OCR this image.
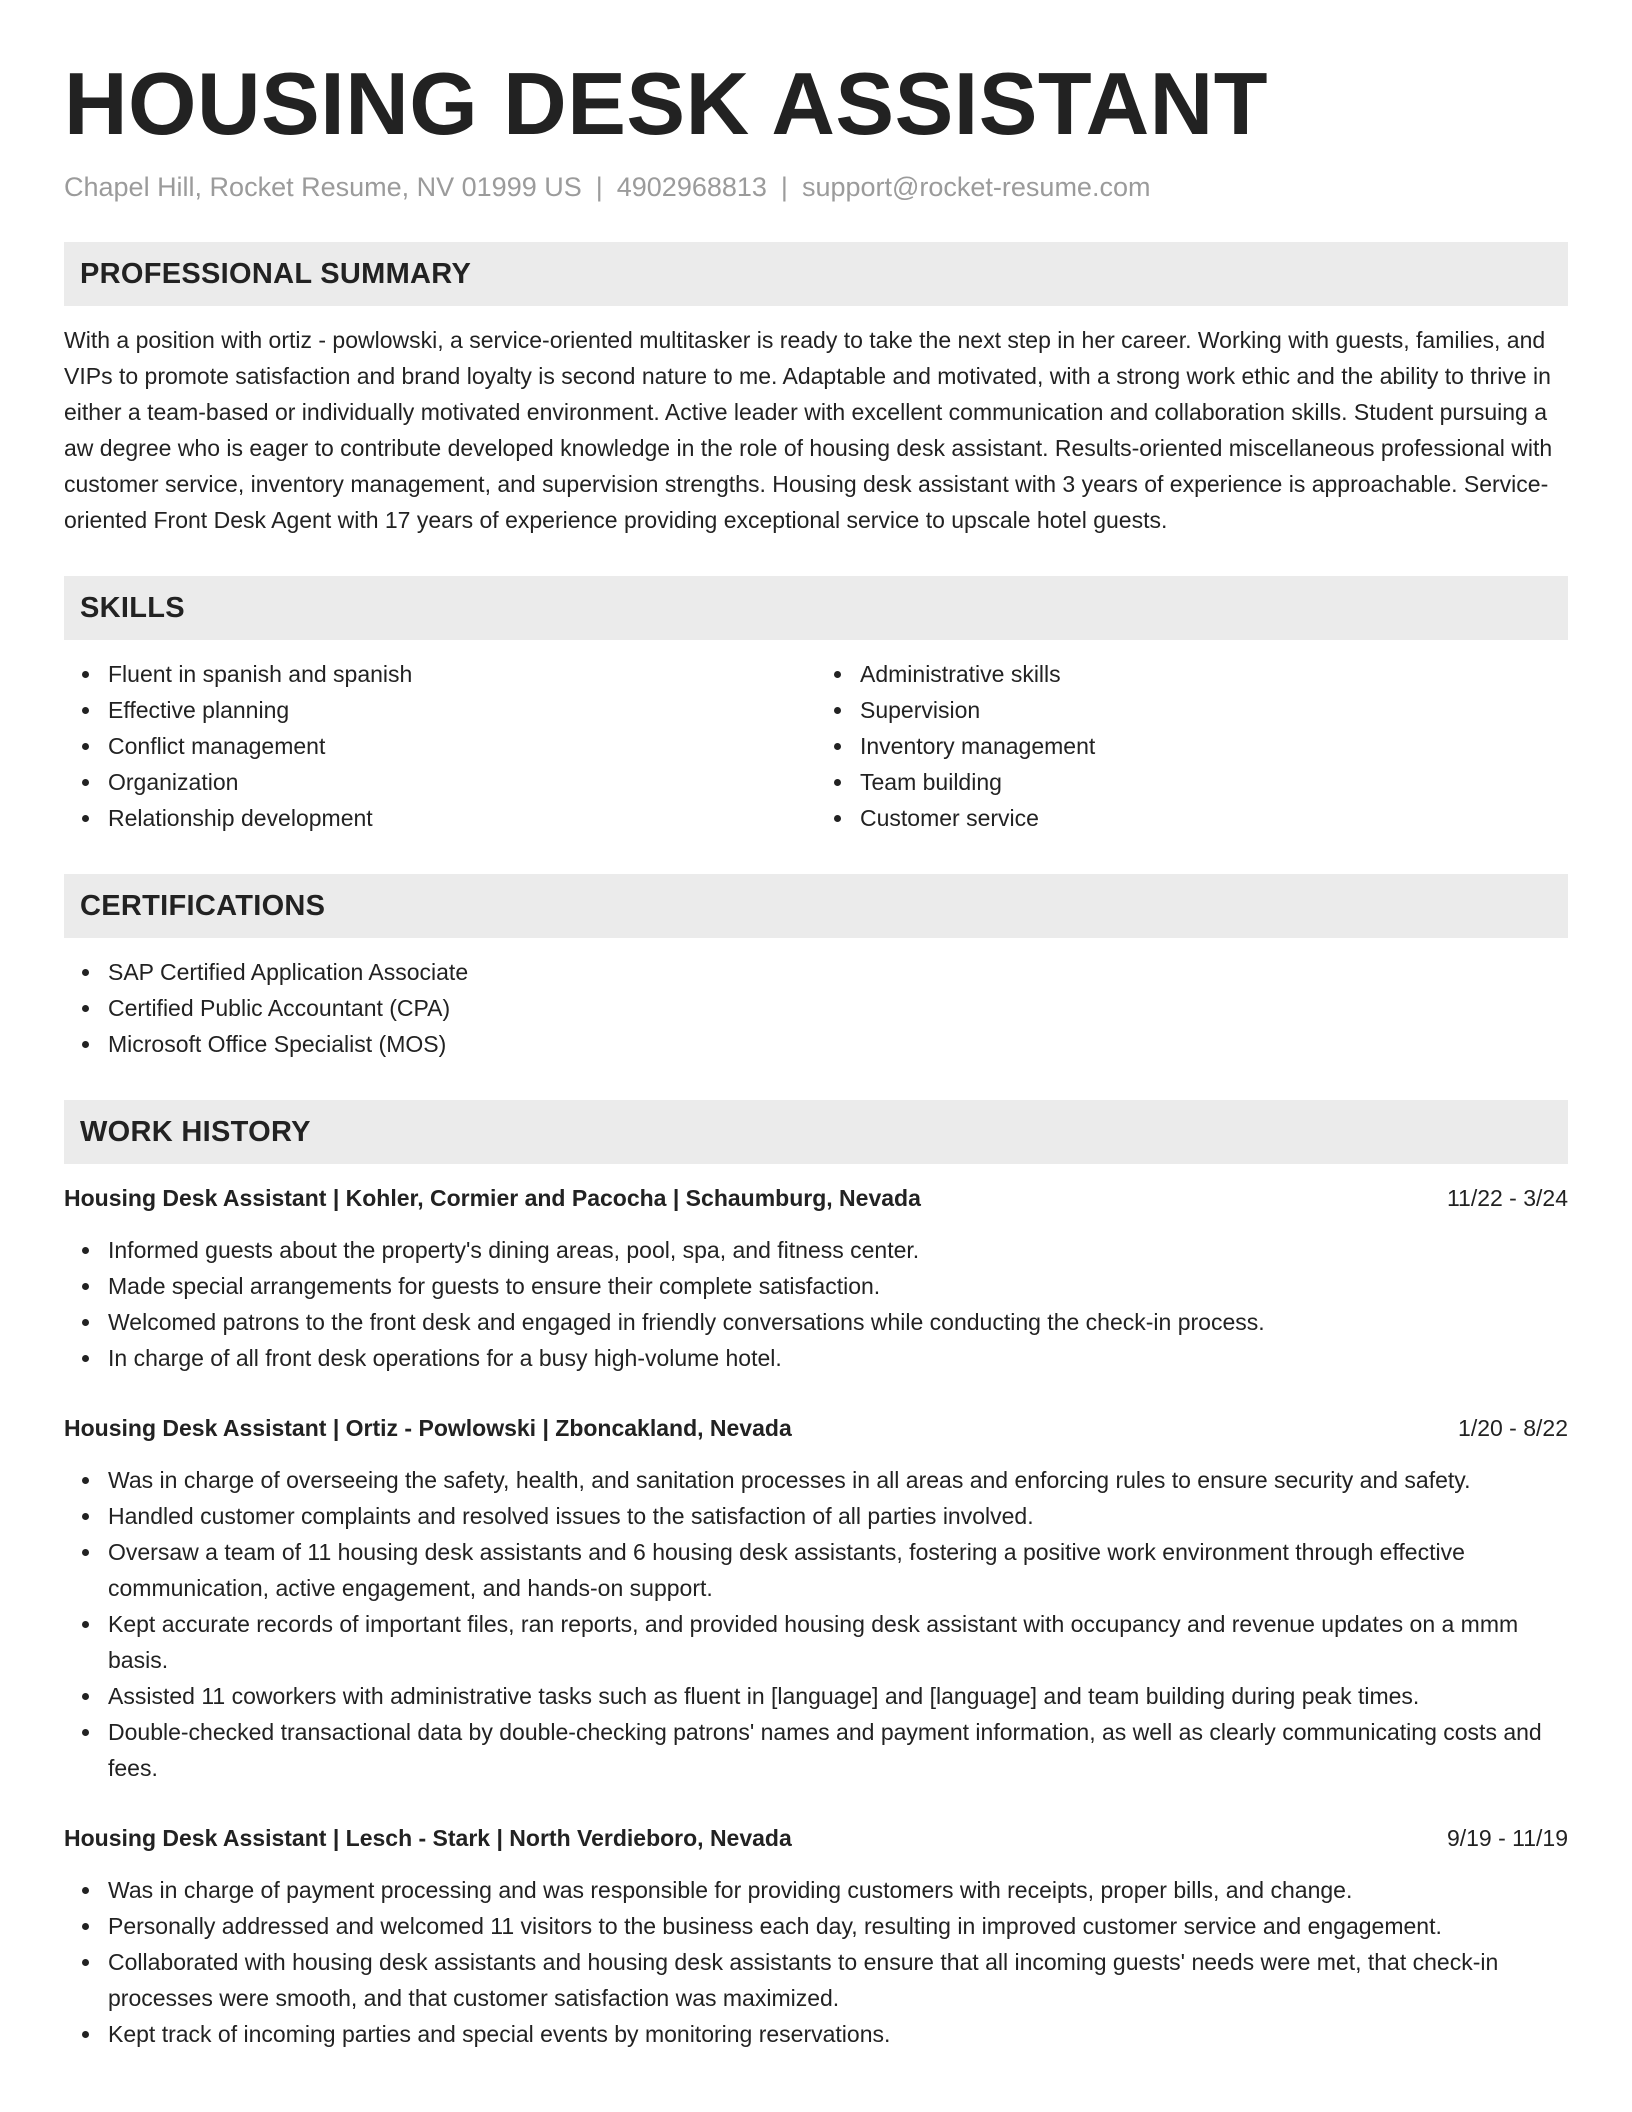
HOUSING DESK ASSISTANT
Chapel Hill, Rocket Resume, NV 01999 US | 4902968813 | support@rocket-resume.com
PROFESSIONAL SUMMARY
With a position with ortiz - powlowski, a service-oriented multitasker is ready to take the next step in her career. Working with guests, families, and VIPs to promote satisfaction and brand loyalty is second nature to me. Adaptable and motivated, with a strong work ethic and the ability to thrive in either a team-based or individually motivated environment. Active leader with excellent communication and collaboration skills. Student pursuing a aw degree who is eager to contribute developed knowledge in the role of housing desk assistant. Results-oriented miscellaneous professional with customer service, inventory management, and supervision strengths. Housing desk assistant with 3 years of experience is approachable. Service-oriented Front Desk Agent with 17 years of experience providing exceptional service to upscale hotel guests.
SKILLS
Fluent in spanish and spanish
Effective planning
Conflict management
Organization
Relationship development
Administrative skills
Supervision
Inventory management
Team building
Customer service
CERTIFICATIONS
SAP Certified Application Associate
Certified Public Accountant (CPA)
Microsoft Office Specialist (MOS)
WORK HISTORY
Housing Desk Assistant | Kohler, Cormier and Pacocha | Schaumburg, Nevada	11/22 - 3/24
Informed guests about the property's dining areas, pool, spa, and fitness center.
Made special arrangements for guests to ensure their complete satisfaction.
Welcomed patrons to the front desk and engaged in friendly conversations while conducting the check-in process.
In charge of all front desk operations for a busy high-volume hotel.
Housing Desk Assistant | Ortiz - Powlowski | Zboncakland, Nevada	1/20 - 8/22
Was in charge of overseeing the safety, health, and sanitation processes in all areas and enforcing rules to ensure security and safety.
Handled customer complaints and resolved issues to the satisfaction of all parties involved.
Oversaw a team of 11 housing desk assistants and 6 housing desk assistants, fostering a positive work environment through effective communication, active engagement, and hands-on support.
Kept accurate records of important files, ran reports, and provided housing desk assistant with occupancy and revenue updates on a mmm basis.
Assisted 11 coworkers with administrative tasks such as fluent in [language] and [language] and team building during peak times.
Double-checked transactional data by double-checking patrons' names and payment information, as well as clearly communicating costs and fees.
Housing Desk Assistant | Lesch - Stark | North Verdieboro, Nevada	9/19 - 11/19
Was in charge of payment processing and was responsible for providing customers with receipts, proper bills, and change.
Personally addressed and welcomed 11 visitors to the business each day, resulting in improved customer service and engagement.
Collaborated with housing desk assistants and housing desk assistants to ensure that all incoming guests' needs were met, that check-in processes were smooth, and that customer satisfaction was maximized.
Kept track of incoming parties and special events by monitoring reservations.
